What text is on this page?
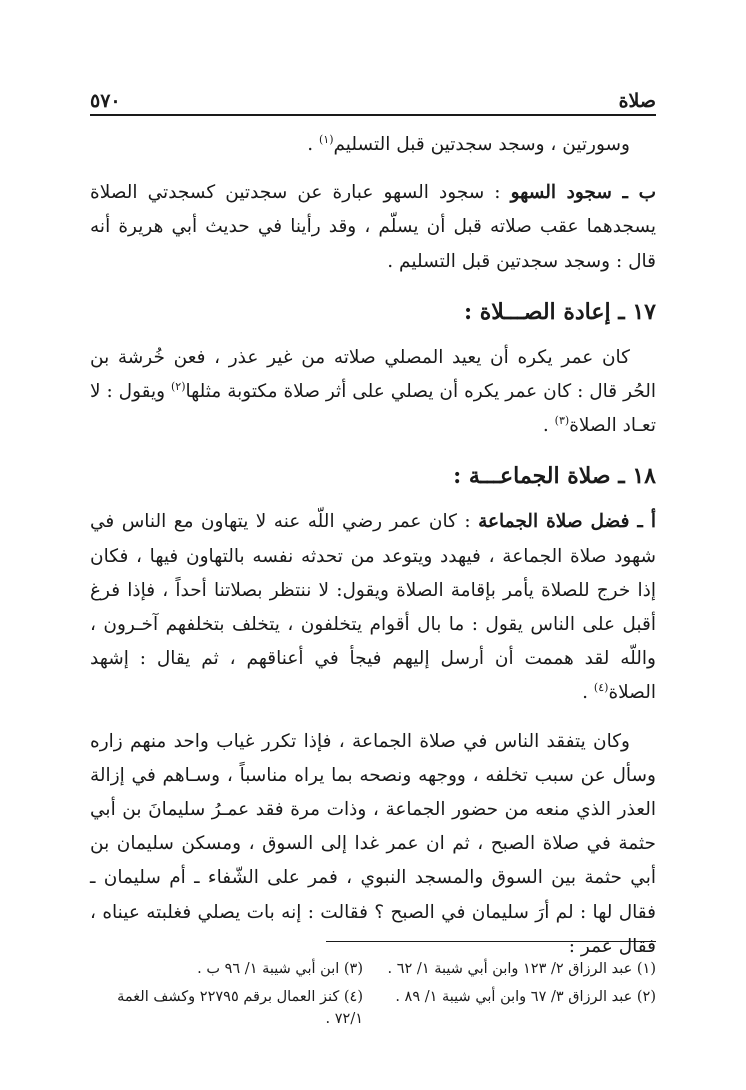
صلاة
٥٧٠

وسورتين ، وسجد سجدتين قبل التسليم$^{(١)}$ .

ب ـ سجود السهو : سجود السهو عبارة عن سجدتين كسجدتي الصلاة يسجدهما عقب صلاته قبل أن يسلّم ، وقد رأينا في حديث أبي هريرة أنه قال : وسجد سجدتين قبل التسليم .

١٧ ـ إعادة الصـــلاة :

كان عمر يكره أن يعيد المصلي صلاته من غير عذر ، فعن خُرشة بن الحُر قال : كان عمر يكره أن يصلي على أثر صلاة مكتوبة مثلها$^{(٢)}$ ويقول : لا تعـاد الصلاة$^{(٣)}$ .

١٨ ـ صلاة الجماعـــة :

أ ـ فضل صلاة الجماعة : كان عمر رضي اللّه عنه لا يتهاون مع الناس في شهود صلاة الجماعة ، فيهدد ويتوعد من تحدثه نفسه بالتهاون فيها ، فكان إذا خرج للصلاة يأمر بإقامة الصلاة ويقول: لا ننتظر بصلاتنا أحداً ، فإذا فرغ أقبل على الناس يقول : ما بال أقوام يتخلفون ، يتخلف بتخلفهم آخـرون ، واللّه لقد هممت أن أرسل إليهم فيجأ في أعناقهم ، ثم يقال : إشهد الصلاة$^{(٤)}$ .

وكان يتفقد الناس في صلاة الجماعة ، فإذا تكرر غياب واحد منهم زاره وسأل عن سبب تخلفه ، ووجهه ونصحه بما يراه مناسباً ، وسـاهم في إزالة العذر الذي منعه من حضور الجماعة ، وذات مرة فقد عمـرُ سليمانَ بن أبي حثمة في صلاة الصبح ، ثم ان عمر غدا إلى السوق ، ومسكن سليمان بن أبي حثمة بين السوق والمسجد النبوي ، فمر على الشّفاء ـ أم سليمان ـ فقال لها : لم أرَ سليمان في الصبح ؟ فقالت : إنه بات يصلي فغلبته عيناه ، فقال عمر :

(١) عبد الرزاق ٢/ ١٢٣ وابن أبي شيبة ١/ ٦٢ .
(٣) ابن أبي شيبة ١/ ٩٦ ب .
(٢) عبد الرزاق ٣/ ٦٧ وابن أبي شيبة ١/ ٨٩ .
(٤) كنز العمال برقم ٢٢٧٩٥ وكشف الغمة ٧٢/١ .
